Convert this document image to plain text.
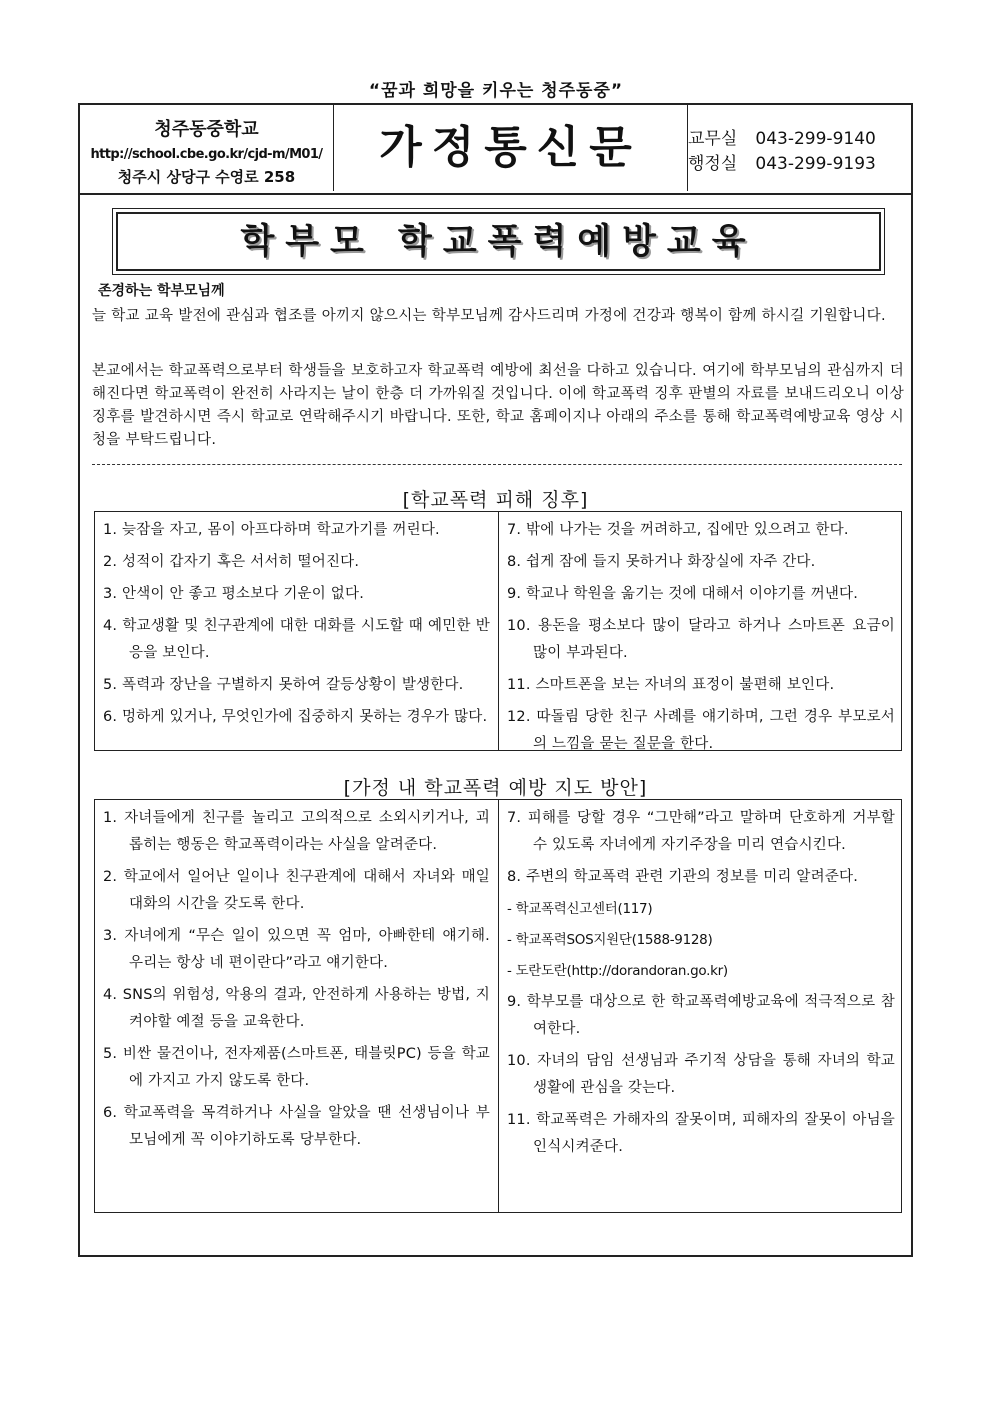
“꿈과 희망을 키우는 청주동중”
청주동중학교
http://school.cbe.go.kr/cjd-m/M01/
청주시 상당구 수영로 258
가정통신문	교무실 043-299-9140
행정실 043-299-9193
학부모 학교폭력예방교육
존경하는 학부모님께
늘 학교 교육 발전에 관심과 협조를 아끼지 않으시는 학부모님께 감사드리며 가정에 건강과 행복이 함께 하시길 기원합니다.
본교에서는 학교폭력으로부터 학생들을 보호하고자 학교폭력 예방에 최선을 다하고 있습니다. 여기에 학부모님의 관심까지 더해진다면 학교폭력이 완전히 사라지는 날이 한층 더 가까워질 것입니다. 이에 학교폭력 징후 판별의 자료를 보내드리오니 이상 징후를 발견하시면 즉시 학교로 연락해주시기 바랍니다. 또한, 학교 홈페이지나 아래의 주소를 통해 학교폭력예방교육 영상 시청을 부탁드립니다.
[학교폭력 피해 징후]
1. 늦잠을 자고, 몸이 아프다하며 학교가기를 꺼린다.
2. 성적이 갑자기 혹은 서서히 떨어진다.
3. 안색이 안 좋고 평소보다 기운이 없다.
4. 학교생활 및 친구관계에 대한 대화를 시도할 때 예민한 반응을 보인다.
5. 폭력과 장난을 구별하지 못하여 갈등상황이 발생한다.
6. 멍하게 있거나, 무엇인가에 집중하지 못하는 경우가 많다.
7. 밖에 나가는 것을 꺼려하고, 집에만 있으려고 한다.
8. 쉽게 잠에 들지 못하거나 화장실에 자주 간다.
9. 학교나 학원을 옮기는 것에 대해서 이야기를 꺼낸다.
10. 용돈을 평소보다 많이 달라고 하거나 스마트폰 요금이 많이 부과된다.
11. 스마트폰을 보는 자녀의 표정이 불편해 보인다.
12. 따돌림 당한 친구 사례를 얘기하며, 그런 경우 부모로서의 느낌을 묻는 질문을 한다.
[가정 내 학교폭력 예방 지도 방안]
1. 자녀들에게 친구를 놀리고 고의적으로 소외시키거나, 괴롭히는 행동은 학교폭력이라는 사실을 알려준다.
2. 학교에서 일어난 일이나 친구관계에 대해서 자녀와 매일 대화의 시간을 갖도록 한다.
3. 자녀에게 “무슨 일이 있으면 꼭 엄마, 아빠한테 얘기해. 우리는 항상 네 편이란다”라고 얘기한다.
4. SNS의 위험성, 악용의 결과, 안전하게 사용하는 방법, 지켜야할 예절 등을 교육한다.
5. 비싼 물건이나, 전자제품(스마트폰, 태블릿PC) 등을 학교에 가지고 가지 않도록 한다.
6. 학교폭력을 목격하거나 사실을 알았을 땐 선생님이나 부모님에게 꼭 이야기하도록 당부한다.
7. 피해를 당할 경우 “그만해”라고 말하며 단호하게 거부할 수 있도록 자녀에게 자기주장을 미리 연습시킨다.
8. 주변의 학교폭력 관련 기관의 정보를 미리 알려준다.
- 학교폭력신고센터(117)
- 학교폭력SOS지원단(1588-9128)
- 도란도란(http://dorandoran.go.kr)
9. 학부모를 대상으로 한 학교폭력예방교육에 적극적으로 참여한다.
10. 자녀의 담임 선생님과 주기적 상담을 통해 자녀의 학교생활에 관심을 갖는다.
11. 학교폭력은 가해자의 잘못이며, 피해자의 잘못이 아님을 인식시켜준다.
